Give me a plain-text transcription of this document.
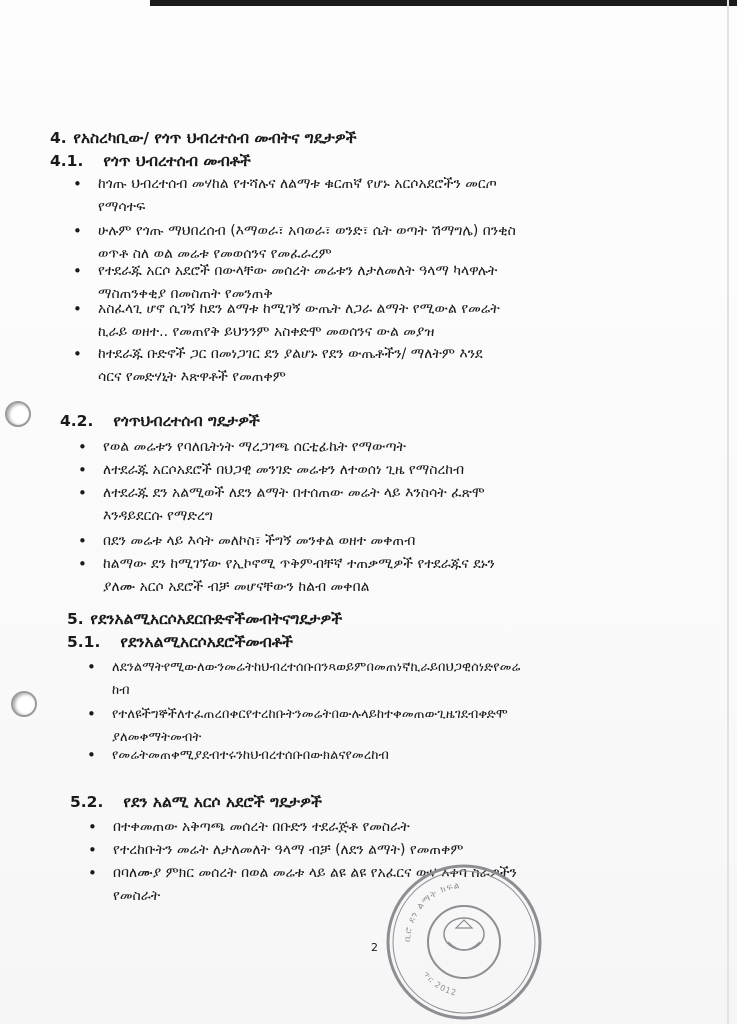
4. የአስረካቢው/ የጎጥ ህብረተሰብ መብትና ግዴታዎች
4.1. የጎጥ ህብረተሰብ መብቶች
• ከጎጡ ህብረተሰብ መሃከል የተሻሉና ለልማቱ ቁርጠኛ የሆኑ አርሶአደሮችን መርጦ
የማሳተፍ
• ሁሉም የጎጡ ማህበረሰብ (እማወራ፣ አባወራ፣ ወንድ፣ ሴት ወጣት ሽማግሌ) በንቂስ
ወጥቶ ስለ ወል መሬቱ የመወሰንና የመፈራረም
• የተደራጁ አርሶ አደሮች በውላቸው መሰረት መሬቱን ለታለመለት ዓላማ ካላዋሉት
ማስጠንቀቂያ በመስጠት የመንጠቅ
• አስፈላጊ ሆኖ ሲገኝ ከደን ልማቱ ከሚገኝ ውጤት ለጋራ ልማት የሚውል የመሬት
ኪራይ ወዘተ.. የመጠየቅ ይህንንም አስቀድሞ መወሰንና ውል መያዝ
• ከተደራጁ ቡድኖች ጋር በመነጋገር ደን ያልሆኑ የደን ውጤቶችን/ ማለትም እንደ
ሳርና የመድሃኒት እጽዋቶች የመጠቀም
4.2. የጎጥህብረተሰብ ግዴታዎች
• የወል መሬቱን የባለቤትነት ማረጋገጫ ሰርቲፊኬት የማውጣት
• ለተደራጁ አርሶአደሮች በህጋዊ መንገድ መሬቱን ለተወሰነ ጊዜ የማስረከብ
• ለተደራጁ ደን አልሚወች ለደን ልማት በተሰጠው መሬት ላይ እንስሳት ፈጽሞ
እንዳይደርሱ የማድረግ
• በደን መሬቱ ላይ እሳት መለኮስ፣ ችግኝ መንቀል ወዘተ መቀጠብ
• ከልማው ደን ከሚገኘው የኢኮኖሚ ጥቅምብቸኛ ተጠቃሚዎች የተደራጁና ደኑን
ያለሙ አርሶ አደሮች ብቻ መሆናቸውን ከልብ መቀበል
5. የደንአልሚአርሶአደርቡድኖችመብትናግዴታዎች
5.1. የደንአልሚአርሶአደሮችመብቶች
• ለደንልማትየሚውለውንመሬትከህብረተሰቡበንጻወይምበመጠነኛኪራይበህጋዊሰነድየመሬ
ከብ
• የተለዩችግኞችለተፈጠረበቀርየተረከቡትንመሬትበውሉላይከተቀመጠውጊዜገደብቀድሞ
ያለመቀማትመብት
• የመሬትመጠቀሚያደብተሩንከህብረተሰቡበውክልናየመረከብ
5.2. የደን አልሚ አርሶ አደሮች ግዴታዎች
• በተቀመጠው አቅጣጫ መሰረት በቡድን ተደራጅቶ የመስራት
• የተረከቡትን መሬት ለታለመለት ዓላማ ብቻ (ለደን ልማት) የመጠቀም
• በባለሙያ ምክር መሰረት በወል መሬቱ ላይ ልዩ ልዩ የአፈርና ውሃ እቀባ ስራዎችን
የመስራት
ቢሮ ደን ልማት ክፍል
ጥር 2012
2
